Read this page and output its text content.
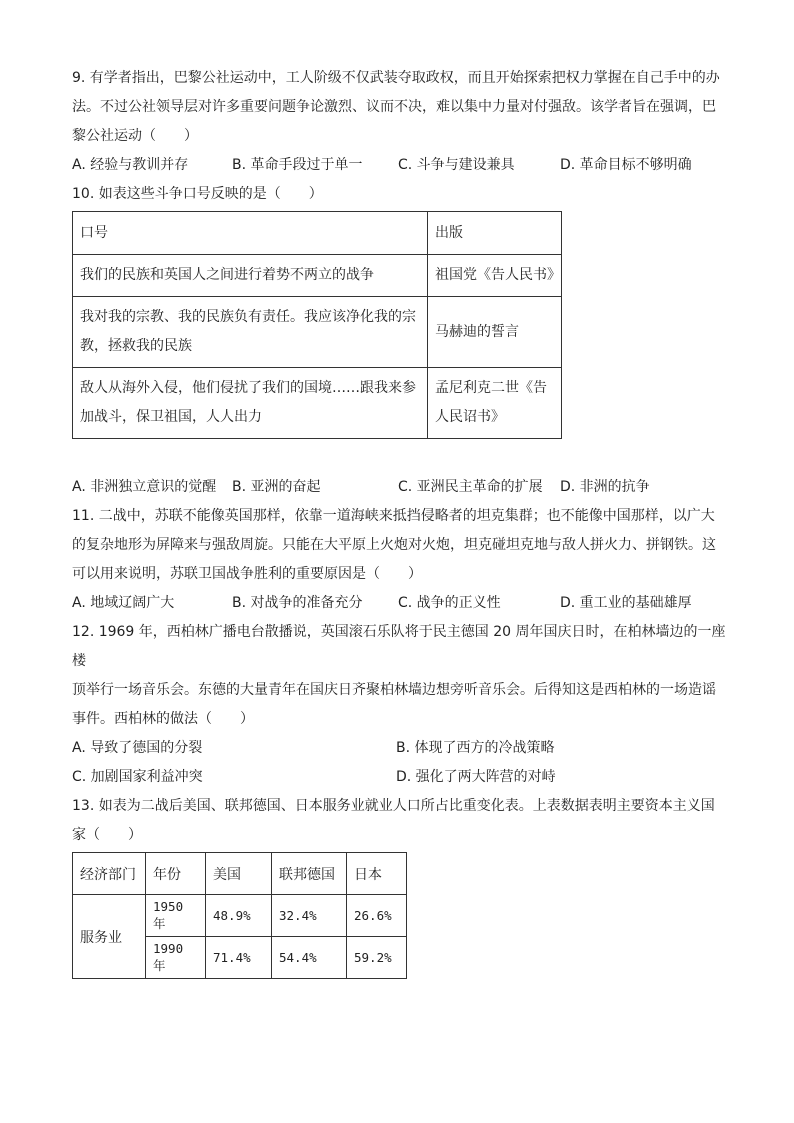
9. 有学者指出，巴黎公社运动中，工人阶级不仅武装夺取政权，而且开始探索把权力掌握在自己手中的办

法。不过公社领导层对许多重要问题争论激烈、议而不决，难以集中力量对付强敌。该学者旨在强调，巴

黎公社运动（　　）

A. 经验与教训并存	B. 革命手段过于单一	C. 斗争与建设兼具	D. 革命目标不够明确

10. 如表这些斗争口号反映的是（　　）

口号	出版
我们的民族和英国人之间进行着势不两立的战争	祖国党《告人民书》
我对我的宗教、我的民族负有责任。我应该净化我的宗教，拯救我的民族	马赫迪的誓言
敌人从海外入侵，他们侵扰了我们的国境……跟我来参加战斗，保卫祖国，人人出力	孟尼利克二世《告人民诏书》
A. 非洲独立意识的觉醒	B. 亚洲的奋起	C. 亚洲民主革命的扩展	D. 非洲的抗争

11. 二战中，苏联不能像英国那样，依靠一道海峡来抵挡侵略者的坦克集群；也不能像中国那样，以广大

的复杂地形为屏障来与强敌周旋。只能在大平原上火炮对火炮，坦克碰坦克地与敌人拼火力、拼钢铁。这

可以用来说明，苏联卫国战争胜利的重要原因是（　　）

A. 地域辽阔广大	B. 对战争的准备充分	C. 战争的正义性	D. 重工业的基础雄厚

12. 1969 年，西柏林广播电台散播说，英国滚石乐队将于民主德国 20 周年国庆日时，在柏林墙边的一座楼

顶举行一场音乐会。东德的大量青年在国庆日齐聚柏林墙边想旁听音乐会。后得知这是西柏林的一场造谣

事件。西柏林的做法（　　）

A. 导致了德国的分裂	B. 体现了西方的冷战策略
C. 加剧国家利益冲突	D. 强化了两大阵营的对峙

13. 如表为二战后美国、联邦德国、日本服务业就业人口所占比重变化表。上表数据表明主要资本主义国

家（　　）

经济部门	年份	美国	联邦德国	日本
服务业	1950 年	48.9%	32.4%	26.6%
	1990 年	71.4%	54.4%	59.2%
